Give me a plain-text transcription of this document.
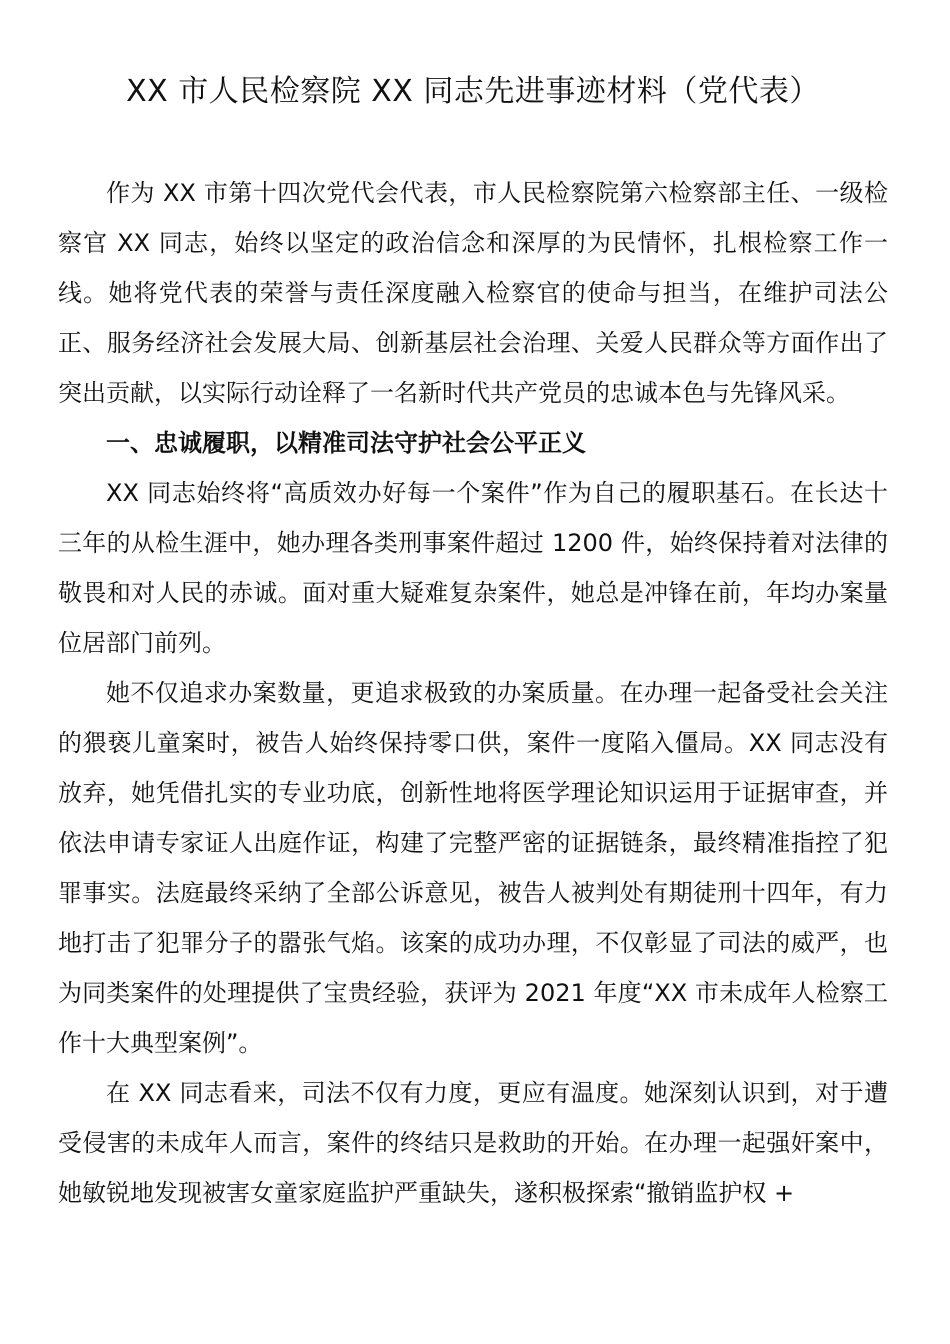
XX 市人民检察院 XX 同志先进事迹材料（党代表）

作为 XX 市第十四次党代会代表，市人民检察院第六检察部主任、一级检察官 XX 同志，始终以坚定的政治信念和深厚的为民情怀，扎根检察工作一线。她将党代表的荣誉与责任深度融入检察官的使命与担当，在维护司法公正、服务经济社会发展大局、创新基层社会治理、关爱人民群众等方面作出了突出贡献，以实际行动诠释了一名新时代共产党员的忠诚本色与先锋风采。

一、忠诚履职，以精准司法守护社会公平正义

XX 同志始终将“高质效办好每一个案件”作为自己的履职基石。在长达十三年的从检生涯中，她办理各类刑事案件超过 1200 件，始终保持着对法律的敬畏和对人民的赤诚。面对重大疑难复杂案件，她总是冲锋在前，年均办案量位居部门前列。

她不仅追求办案数量，更追求极致的办案质量。在办理一起备受社会关注的猥亵儿童案时，被告人始终保持零口供，案件一度陷入僵局。XX 同志没有放弃，她凭借扎实的专业功底，创新性地将医学理论知识运用于证据审查，并依法申请专家证人出庭作证，构建了完整严密的证据链条，最终精准指控了犯罪事实。法庭最终采纳了全部公诉意见，被告人被判处有期徒刑十四年，有力地打击了犯罪分子的嚣张气焰。该案的成功办理，不仅彰显了司法的威严，也为同类案件的处理提供了宝贵经验，获评为 2021 年度“XX 市未成年人检察工作十大典型案例”。

在 XX 同志看来，司法不仅有力度，更应有温度。她深刻认识到，对于遭受侵害的未成年人而言，案件的终结只是救助的开始。在办理一起强奸案中，她敏锐地发现被害女童家庭监护严重缺失，遂积极探索“撤销监护权 +
